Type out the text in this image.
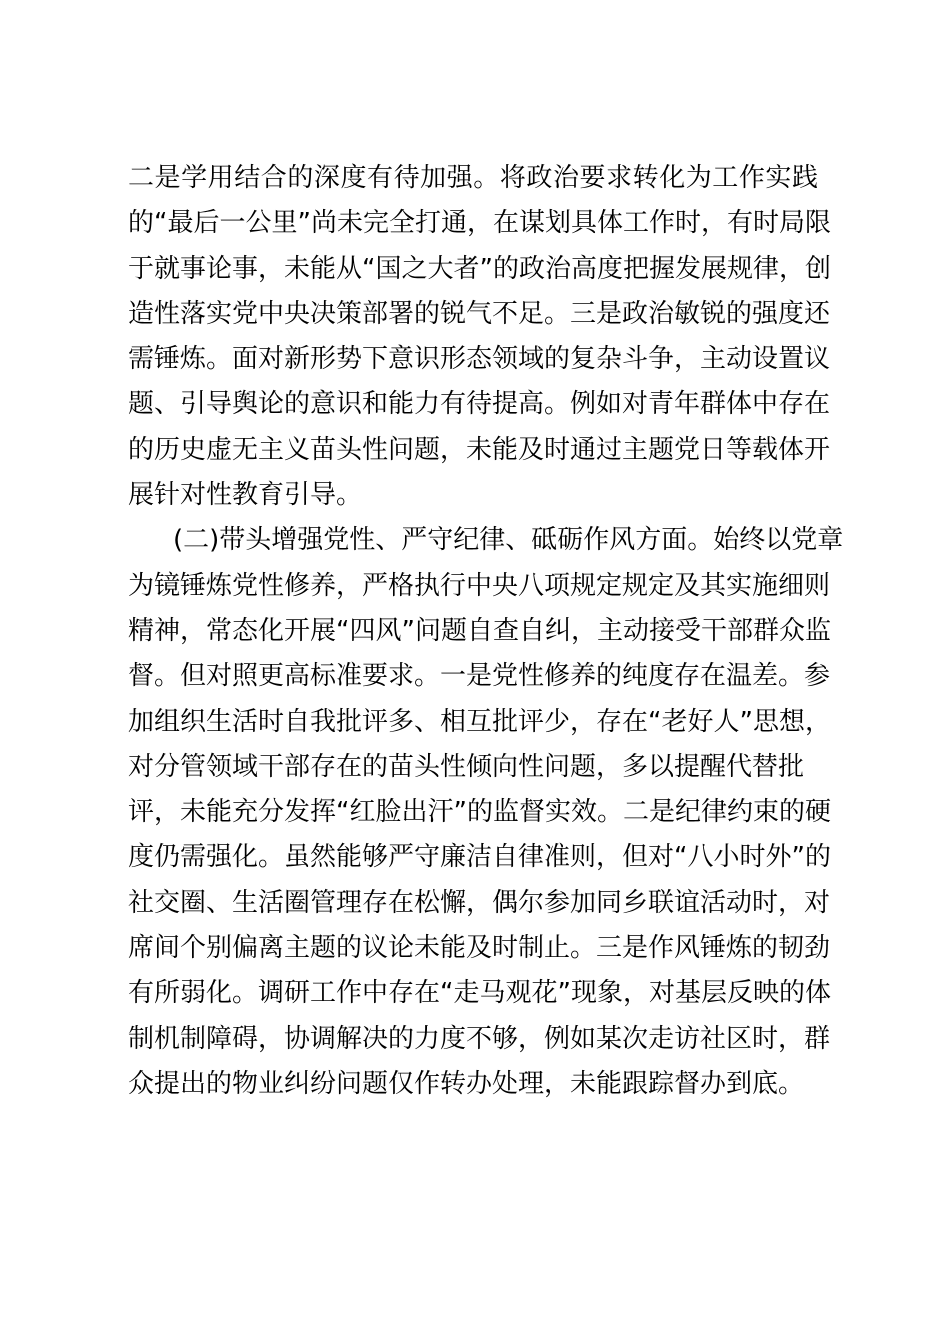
二是学用结合的深度有待加强。将政治要求转化为工作实践
的“最后一公里”尚未完全打通，在谋划具体工作时，有时局限
于就事论事，未能从“国之大者”的政治高度把握发展规律，创
造性落实党中央决策部署的锐气不足。三是政治敏锐的强度还
需锤炼。面对新形势下意识形态领域的复杂斗争，主动设置议
题、引导舆论的意识和能力有待提高。例如对青年群体中存在
的历史虚无主义苗头性问题，未能及时通过主题党日等载体开
展针对性教育引导。
(二)带头增强党性、严守纪律、砥砺作风方面。始终以党章
为镜锤炼党性修养，严格执行中央八项规定规定及其实施细则
精神，常态化开展“四风”问题自查自纠，主动接受干部群众监
督。但对照更高标准要求。一是党性修养的纯度存在温差。参
加组织生活时自我批评多、相互批评少，存在“老好人”思想，
对分管领域干部存在的苗头性倾向性问题，多以提醒代替批
评，未能充分发挥“红脸出汗”的监督实效。二是纪律约束的硬
度仍需强化。虽然能够严守廉洁自律准则，但对“八小时外”的
社交圈、生活圈管理存在松懈，偶尔参加同乡联谊活动时，对
席间个别偏离主题的议论未能及时制止。三是作风锤炼的韧劲
有所弱化。调研工作中存在“走马观花”现象，对基层反映的体
制机制障碍，协调解决的力度不够，例如某次走访社区时，群
众提出的物业纠纷问题仅作转办处理，未能跟踪督办到底。
